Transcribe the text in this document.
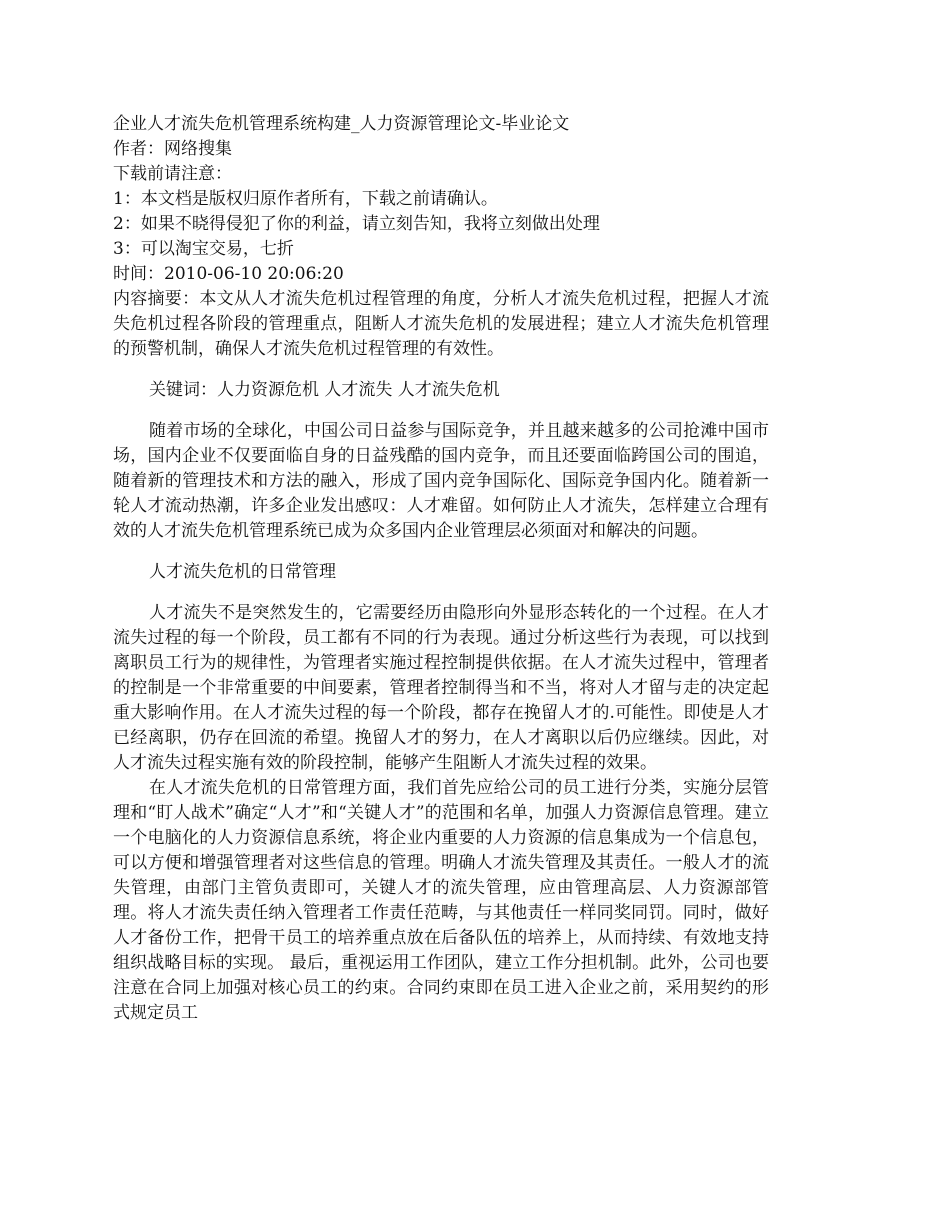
企业人才流失危机管理系统构建_人力资源管理论文-毕业论文
作者：网络搜集
下载前请注意：
1：本文档是版权归原作者所有，下载之前请确认。
2：如果不晓得侵犯了你的利益，请立刻告知，我将立刻做出处理
3：可以淘宝交易，七折
时间：2010-06-10 20:06:20
内容摘要：本文从人才流失危机过程管理的角度，分析人才流失危机过程，把握人才流失危机过程各阶段的管理重点，阻断人才流失危机的发展进程；建立人才流失危机管理的预警机制，确保人才流失危机过程管理的有效性。
关键词：人力资源危机 人才流失 人才流失危机
随着市场的全球化，中国公司日益参与国际竞争，并且越来越多的公司抢滩中国市场，国内企业不仅要面临自身的日益残酷的国内竞争，而且还要面临跨国公司的围追，随着新的管理技术和方法的融入，形成了国内竞争国际化、国际竞争国内化。随着新一轮人才流动热潮，许多企业发出感叹：人才难留。如何防止人才流失，怎样建立合理有效的人才流失危机管理系统已成为众多国内企业管理层必须面对和解决的问题。
人才流失危机的日常管理
人才流失不是突然发生的，它需要经历由隐形向外显形态转化的一个过程。在人才流失过程的每一个阶段，员工都有不同的行为表现。通过分析这些行为表现，可以找到离职员工行为的规律性，为管理者实施过程控制提供依据。在人才流失过程中，管理者的控制是一个非常重要的中间要素，管理者控制得当和不当，将对人才留与走的决定起重大影响作用。在人才流失过程的每一个阶段，都存在挽留人才的.可能性。即使是人才已经离职，仍存在回流的希望。挽留人才的努力，在人才离职以后仍应继续。因此，对人才流失过程实施有效的阶段控制，能够产生阻断人才流失过程的效果。
在人才流失危机的日常管理方面，我们首先应给公司的员工进行分类，实施分层管理和“盯人战术”确定“人才”和“关键人才”的范围和名单，加强人力资源信息管理。建立一个电脑化的人力资源信息系统，将企业内重要的人力资源的信息集成为一个信息包，可以方便和增强管理者对这些信息的管理。明确人才流失管理及其责任。一般人才的流失管理，由部门主管负责即可，关键人才的流失管理，应由管理高层、人力资源部管理。将人才流失责任纳入管理者工作责任范畴，与其他责任一样同奖同罚。同时，做好人才备份工作，把骨干员工的培养重点放在后备队伍的培养上，从而持续、有效地支持组织战略目标的实现。 最后，重视运用工作团队，建立工作分担机制。此外，公司也要注意在合同上加强对核心员工的约束。合同约束即在员工进入企业之前，采用契约的形式规定员工
